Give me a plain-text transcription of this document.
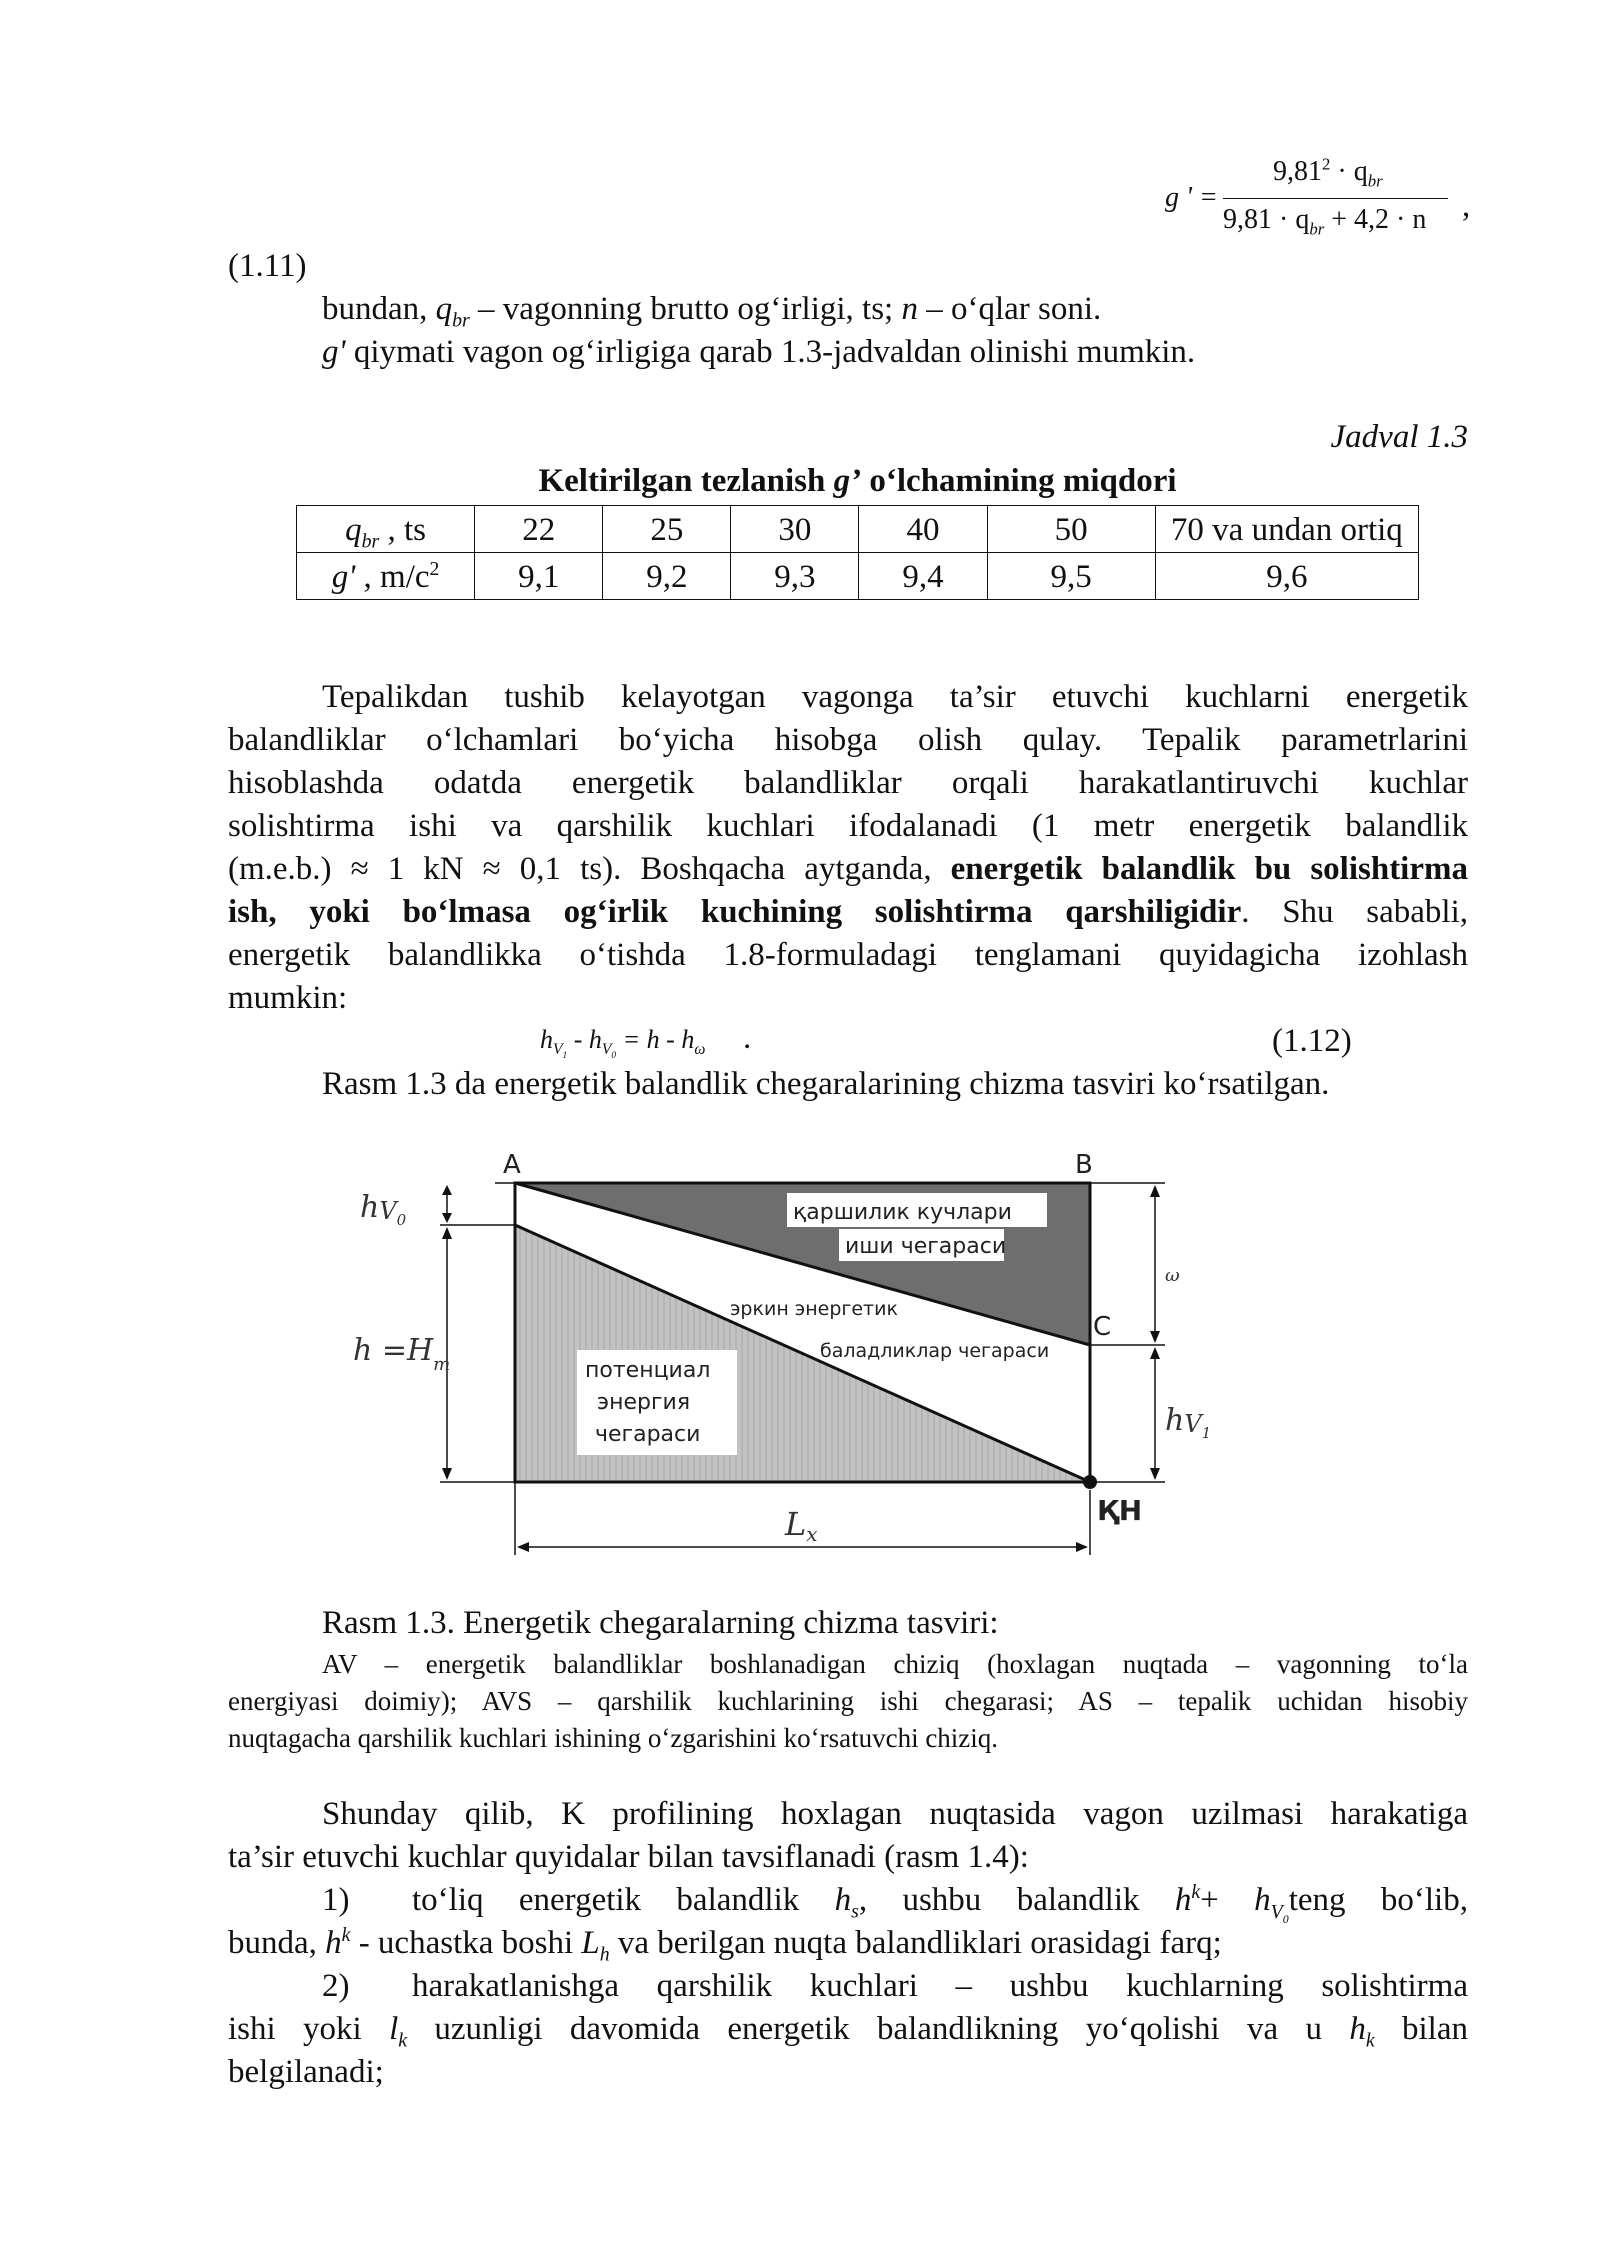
g ' =
$9,81^2 \cdot q_{br}$
$9,81 \cdot q_{br} + 4,2 \cdot n$ ,
(1.11)
bundan, $q_{br}$ – vagonning brutto og‘irligi, ts; n – o‘qlar soni.
g' qiymati vagon og‘irligiga qarab 1.3-jadvaldan olinishi mumkin.
Jadval 1.3
Keltirilgan tezlanish g’ o‘lchamining miqdori
$q_{br}$ , ts	22	25	30	40	50	70 va undan ortiq
g' , $m/c^2$	9,1	9,2	9,3	9,4	9,5	9,6
Tepalikdan tushib kelayotgan vagonga ta’sir etuvchi kuchlarni energetik
balandliklar o‘lchamlari bo‘yicha hisobga olish qulay. Tepalik parametrlarini
hisoblashda odatda energetik balandliklar orqali harakatlantiruvchi kuchlar
solishtirma ishi va qarshilik kuchlari ifodalanadi (1 metr energetik balandlik
(m.e.b.) ≈ 1 kN ≈ 0,1 ts). Boshqacha aytganda, energetik balandlik bu solishtirma
ish, yoki bo‘lmasa og‘irlik kuchining solishtirma qarshiligidir. Shu sababli,
energetik balandlikka o‘tishda 1.8-formuladagi tenglamani quyidagicha izohlash
mumkin:
$h_{V_1} - h_{V_0} = h - h_\omega$ .	(1.12)
Rasm 1.3 da energetik balandlik chegaralarining chizma tasviri ko‘rsatilgan.
A	B
C
ҚН
$hV_0$
$h =H_т$
ω
$hV_1$
Lx
қаршилик кучлари
иши чегараси
эркин энергетик
баладликлар чегараси
потенциал
энергия
чегараси
Rasm 1.3. Energetik chegaralarning chizma tasviri:
AV – energetik balandliklar boshlanadigan chiziq (hoxlagan nuqtada – vagonning to‘la
energiyasi doimiy); AVS – qarshilik kuchlarining ishi chegarasi; AS – tepalik uchidan hisobiy
nuqtagacha qarshilik kuchlari ishining o‘zgarishini ko‘rsatuvchi chiziq.
Shunday qilib, K profilining hoxlagan nuqtasida vagon uzilmasi harakatiga
ta’sir etuvchi kuchlar quyidalar bilan tavsiflanadi (rasm 1.4):
1) to‘liq energetik balandlik $h_s$, ushbu balandlik $h^k+$ $h_{V_0}teng$ bo‘lib,
bunda, $h^k$ - uchastka boshi $L_h$ va berilgan nuqta balandliklari orasidagi farq;
2) harakatlanishga qarshilik kuchlari – ushbu kuchlarning solishtirma
ishi yoki $l_k$ uzunligi davomida energetik balandlikning yo‘qolishi va u $h_k$ bilan
belgilanadi;
